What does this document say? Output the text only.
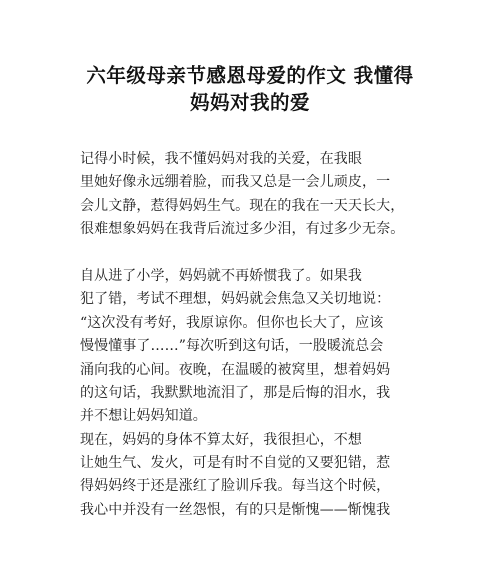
六年级母亲节感恩母爱的作文 我懂得
妈妈对我的爱
记得小时候，我不懂妈妈对我的关爱，在我眼
里她好像永远绷着脸，而我又总是一会儿顽皮，一
会儿文静，惹得妈妈生气。现在的我在一天天长大，
很难想象妈妈在我背后流过多少泪，有过多少无奈。
自从进了小学，妈妈就不再娇惯我了。如果我
犯了错，考试不理想，妈妈就会焦急又关切地说：
“这次没有考好，我原谅你。但你也长大了，应该
慢慢懂事了……”每次听到这句话，一股暖流总会
涌向我的心间。夜晚，在温暖的被窝里，想着妈妈
的这句话，我默默地流泪了，那是后悔的泪水，我
并不想让妈妈知道。
现在，妈妈的身体不算太好，我很担心，不想
让她生气、发火，可是有时不自觉的又要犯错，惹
得妈妈终于还是涨红了脸训斥我。每当这个时候，
我心中并没有一丝怨恨，有的只是惭愧——惭愧我
